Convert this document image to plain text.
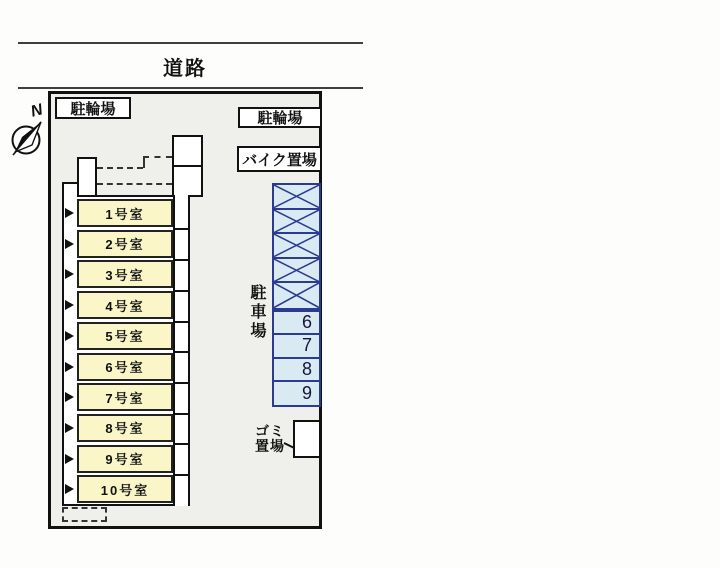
道路
N 駐輪場
駐輪場
バイク置場
1号室
2号室
3号室
4号室
5号室
6号室
7号室
8号室
9号室
10号室
6
7
8
9
駐車場
ゴミ置場
